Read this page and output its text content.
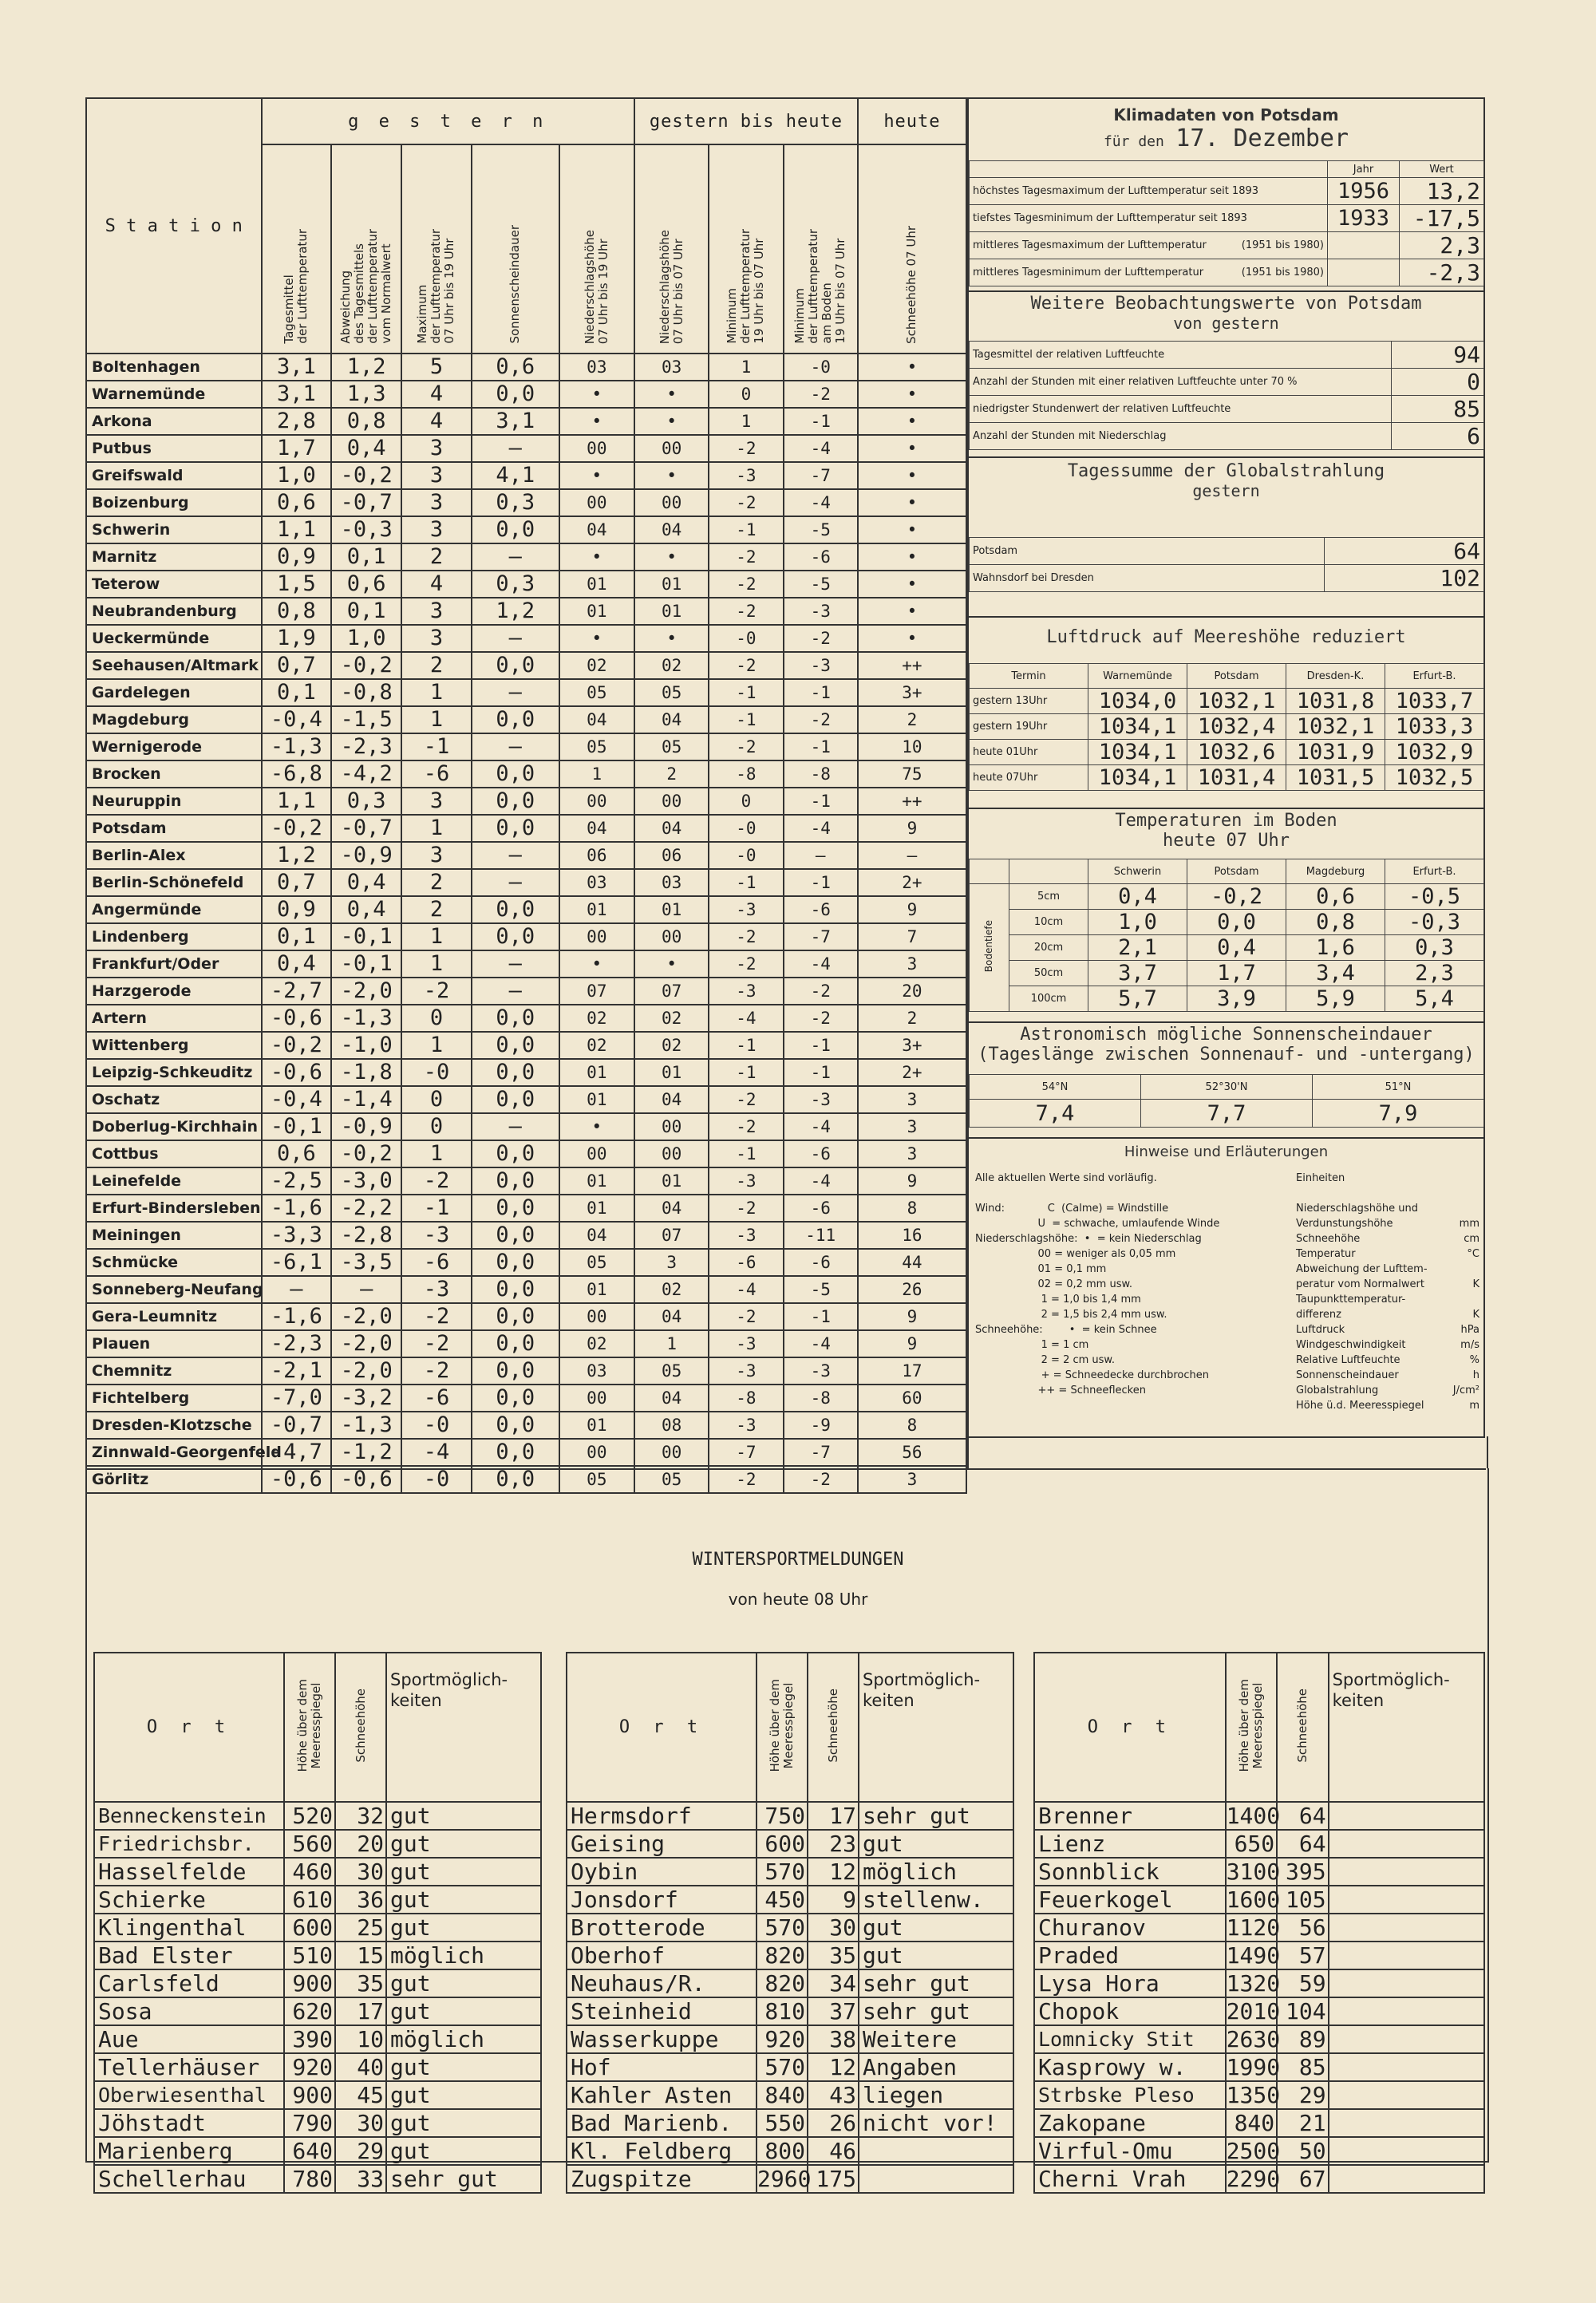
S t a t i o n	g e s t e r n					gestern bis heute			heute
	Tagesmittel
der Lufttemperatur	Abweichung
des Tagesmittels
der Lufttemperatur
vom Normalwert	Maximum
der Lufttemperatur
07 Uhr bis 19 Uhr	Sonnenscheindauer	Niederschlagshöhe
07 Uhr bis 19 Uhr	Niederschlagshöhe
07 Uhr bis 07 Uhr	Minimum
der Lufttemperatur
19 Uhr bis 07 Uhr	Minimum
der Lufttemperatur
am Boden
19 Uhr bis 07 Uhr	Schneehöhe 07 Uhr
Boltenhagen	3,1	1,2	5	0,6	03	03	1	-0	•
Warnemünde	3,1	1,3	4	0,0	•	•	0	-2	•
Arkona	2,8	0,8	4	3,1	•	•	1	-1	•
Putbus	1,7	0,4	3	—	00	00	-2	-4	•
Greifswald	1,0	-0,2	3	4,1	•	•	-3	-7	•
Boizenburg	0,6	-0,7	3	0,3	00	00	-2	-4	•
Schwerin	1,1	-0,3	3	0,0	04	04	-1	-5	•
Marnitz	0,9	0,1	2	—	•	•	-2	-6	•
Teterow	1,5	0,6	4	0,3	01	01	-2	-5	•
Neubrandenburg	0,8	0,1	3	1,2	01	01	-2	-3	•
Ueckermünde	1,9	1,0	3	—	•	•	-0	-2	•
Seehausen/Altmark	0,7	-0,2	2	0,0	02	02	-2	-3	++
Gardelegen	0,1	-0,8	1	—	05	05	-1	-1	3+
Magdeburg	-0,4	-1,5	1	0,0	04	04	-1	-2	2
Wernigerode	-1,3	-2,3	-1	—	05	05	-2	-1	10
Brocken	-6,8	-4,2	-6	0,0	1	2	-8	-8	75
Neuruppin	1,1	0,3	3	0,0	00	00	0	-1	++
Potsdam	-0,2	-0,7	1	0,0	04	04	-0	-4	9
Berlin-Alex	1,2	-0,9	3	—	06	06	-0	—	—
Berlin-Schönefeld	0,7	0,4	2	—	03	03	-1	-1	2+
Angermünde	0,9	0,4	2	0,0	01	01	-3	-6	9
Lindenberg	0,1	-0,1	1	0,0	00	00	-2	-7	7
Frankfurt/Oder	0,4	-0,1	1	—	•	•	-2	-4	3
Harzgerode	-2,7	-2,0	-2	—	07	07	-3	-2	20
Artern	-0,6	-1,3	0	0,0	02	02	-4	-2	2
Wittenberg	-0,2	-1,0	1	0,0	02	02	-1	-1	3+
Leipzig-Schkeuditz	-0,6	-1,8	-0	0,0	01	01	-1	-1	2+
Oschatz	-0,4	-1,4	0	0,0	01	04	-2	-3	3
Doberlug-Kirchhain	-0,1	-0,9	0	—	•	00	-2	-4	3
Cottbus	0,6	-0,2	1	0,0	00	00	-1	-6	3
Leinefelde	-2,5	-3,0	-2	0,0	01	01	-3	-4	9
Erfurt-Bindersleben	-1,6	-2,2	-1	0,0	01	04	-2	-6	8
Meiningen	-3,3	-2,8	-3	0,0	04	07	-3	-11	16
Schmücke	-6,1	-3,5	-6	0,0	05	3	-6	-6	44
Sonneberg-Neufang	—	—	-3	0,0	01	02	-4	-5	26
Gera-Leumnitz	-1,6	-2,0	-2	0,0	00	04	-2	-1	9
Plauen	-2,3	-2,0	-2	0,0	02	1	-3	-4	9
Chemnitz	-2,1	-2,0	-2	0,0	03	05	-3	-3	17
Fichtelberg	-7,0	-3,2	-6	0,0	00	04	-8	-8	60
Dresden-Klotzsche	-0,7	-1,3	-0	0,0	01	08	-3	-9	8
Zinnwald-Georgenfeld	-4,7	-1,2	-4	0,0	00	00	-7	-7	56
Görlitz	-0,6	-0,6	-0	0,0	05	05	-2	-2	3
Klimadaten von Potsdam
für den 17. Dezember
	Jahr	Wert
höchstes Tagesmaximum der Lufttemperatur seit 1893	1956	13,2
tiefstes Tagesminimum der Lufttemperatur seit 1893	1933	-17,5
mittleres Tagesmaximum der Lufttemperatur (1951 bis 1980)		2,3
mittleres Tagesminimum der Lufttemperatur (1951 bis 1980)		-2,3
Weitere Beobachtungswerte von Potsdam
von gestern
Tagesmittel der relativen Luftfeuchte	94
Anzahl der Stunden mit einer relativen Luftfeuchte unter 70 %	0
niedrigster Stundenwert der relativen Luftfeuchte	85
Anzahl der Stunden mit Niederschlag	6
Tagessumme der Globalstrahlung
gestern
Potsdam	64
Wahnsdorf bei Dresden	102
Luftdruck auf Meereshöhe reduziert
Termin	Warnemünde	Potsdam	Dresden-K.	Erfurt-B.
gestern 13Uhr	1034,0	1032,1	1031,8	1033,7
gestern 19Uhr	1034,1	1032,4	1032,1	1033,3
heute 01Uhr	1034,1	1032,6	1031,9	1032,9
heute 07Uhr	1034,1	1031,4	1031,5	1032,5
Temperaturen im Boden
heute 07 Uhr
		Schwerin	Potsdam	Magdeburg	Erfurt-B.
Bodentiefe	5cm	0,4	-0,2	0,6	-0,5
	10cm	1,0	0,0	0,8	-0,3
	20cm	2,1	0,4	1,6	0,3
	50cm	3,7	1,7	3,4	2,3
	100cm	5,7	3,9	5,9	5,4
Astronomisch mögliche Sonnenscheindauer
(Tageslänge zwischen Sonnenauf- und -untergang)
54°N	52°30'N	51°N
7,4	7,7	7,9
Hinweise und Erläuterungen
Alle aktuellen Werte sind vorläufig.

Wind:             C  (Calme) = Windstille
U  = schwache, umlaufende Winde
Niederschlagshöhe:  •  = kein Niederschlag
00 = weniger als 0,05 mm
01 = 0,1 mm
02 = 0,2 mm usw.
1 = 1,0 bis 1,4 mm
2 = 1,5 bis 2,4 mm usw.
Schneehöhe:        •  = kein Schnee
1 = 1 cm
2 = 2 cm usw.
+ = Schneedecke durchbrochen
++ = Schneeflecken
Einheiten
Niederschlagshöhe und
Verdunstungshöhe	mm
Schneehöhe	cm
Temperatur	°C
Abweichung der Lufttem-
peratur vom Normalwert	K
Taupunkttemperatur-
differenz	K
Luftdruck	hPa
Windgeschwindigkeit	m/s
Relative Luftfeuchte	%
Sonnenscheindauer	h
Globalstrahlung	J/cm²
Höhe ü.d. Meeresspiegel	m
WINTERSPORTMELDUNGEN
von heute 08 Uhr
O r t	Höhe über dem
Meeresspiegel	Schneehöhe	Sportmöglich-
keiten
Benneckenstein	520	32	gut
Friedrichsbr.	560	20	gut
Hasselfelde	460	30	gut
Schierke	610	36	gut
Klingenthal	600	25	gut
Bad Elster	510	15	möglich
Carlsfeld	900	35	gut
Sosa	620	17	gut
Aue	390	10	möglich
Tellerhäuser	920	40	gut
Oberwiesenthal	900	45	gut
Jöhstadt	790	30	gut
Marienberg	640	29	gut
Schellerhau	780	33	sehr gut
O r t	Höhe über dem
Meeresspiegel	Schneehöhe	Sportmöglich-
keiten
Hermsdorf	750	17	sehr gut
Geising	600	23	gut
Oybin	570	12	möglich
Jonsdorf	450	9	stellenw.
Brotterode	570	30	gut
Oberhof	820	35	gut
Neuhaus/R.	820	34	sehr gut
Steinheid	810	37	sehr gut
Wasserkuppe	920	38	Weitere
Hof	570	12	Angaben
Kahler Asten	840	43	liegen
Bad Marienb.	550	26	nicht vor!
Kl. Feldberg	800	46	
Zugspitze	2960	175	
O r t	Höhe über dem
Meeresspiegel	Schneehöhe	Sportmöglich-
keiten
Brenner	1400	64	
Lienz	650	64	
Sonnblick	3100	395	
Feuerkogel	1600	105	
Churanov	1120	56	
Praded	1490	57	
Lysa Hora	1320	59	
Chopok	2010	104	
Lomnicky Stit	2630	89	
Kasprowy w.	1990	85	
Strbske Pleso	1350	29	
Zakopane	840	21	
Virful-Omu	2500	50	
Cherni Vrah	2290	67	
